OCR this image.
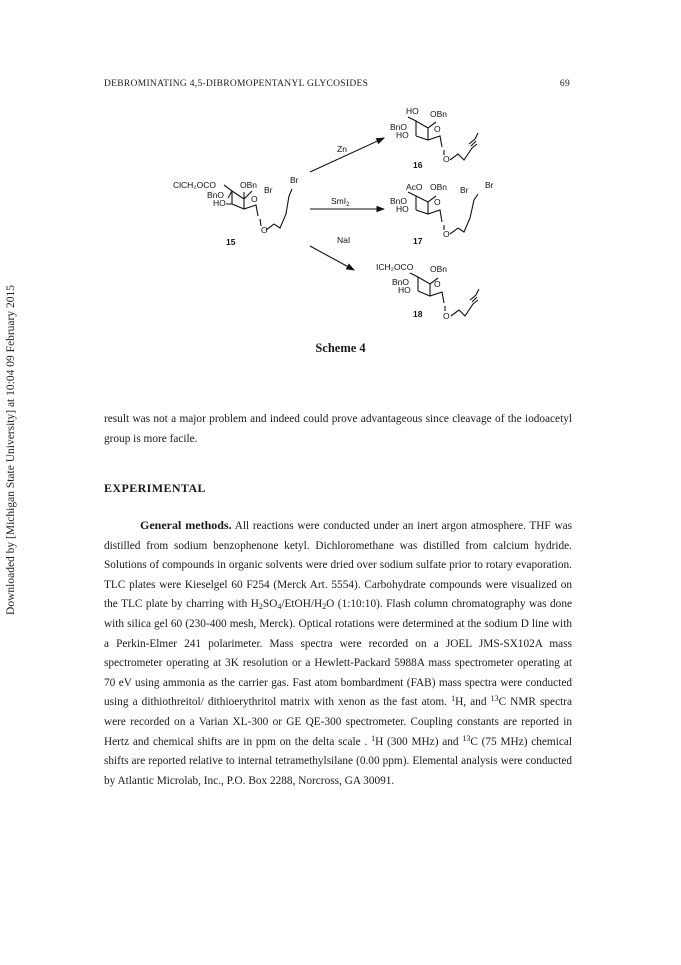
Downloaded by [Michigan State University] at 10:04 09 February 2015
DEBROMINATING 4,5-DIBROMOPENTANYL GLYCOSIDES	69
ClCH₂OCO
BnO
HO
OBn
O
O
Br
Br
15
HO
BnO
HO
OBn
O
O
16
AcO
BnO
HO
OBn
O
O
Br Br
17
ICH₂OCO
BnO
HO
OBn
O
O
18
Zn
SmI$_2$
NaI
Scheme 4
result was not a major problem and indeed could prove advantageous since cleavage of the iodoacetyl group is more facile.
EXPERIMENTAL
General methods. All reactions were conducted under an inert argon atmosphere. THF was distilled from sodium benzophenone ketyl. Dichloromethane was distilled from calcium hydride. Solutions of compounds in organic solvents were dried over sodium sulfate prior to rotary evaporation. TLC plates were Kieselgel 60 F254 (Merck Art. 5554). Carbohydrate compounds were visualized on the TLC plate by charring with $H_2SO_4/EtOH/H_2O$ (1:10:10). Flash column chromatography was done with silica gel 60 (230-400 mesh, Merck). Optical rotations were determined at the sodium D line with a Perkin-Elmer 241 polarimeter. Mass spectra were recorded on a JOEL JMS-SX102A mass spectrometer operating at 3K resolution or a Hewlett-Packard 5988A mass spectrometer operating at 70 eV using ammonia as the carrier gas. Fast atom bombardment (FAB) mass spectra were conducted using a dithiothreitol/ dithioerythritol matrix with xenon as the fast atom. $^1$H, and $^{13}$C NMR spectra were recorded on a Varian XL-300 or GE QE-300 spectrometer. Coupling constants are reported in Hertz and chemical shifts are in ppm on the delta scale . $^1$H (300 MHz) and $^{13}$C (75 MHz) chemical shifts are reported relative to internal tetramethylsilane (0.00 ppm). Elemental analysis were conducted by Atlantic Microlab, Inc., P.O. Box 2288, Norcross, GA 30091.
